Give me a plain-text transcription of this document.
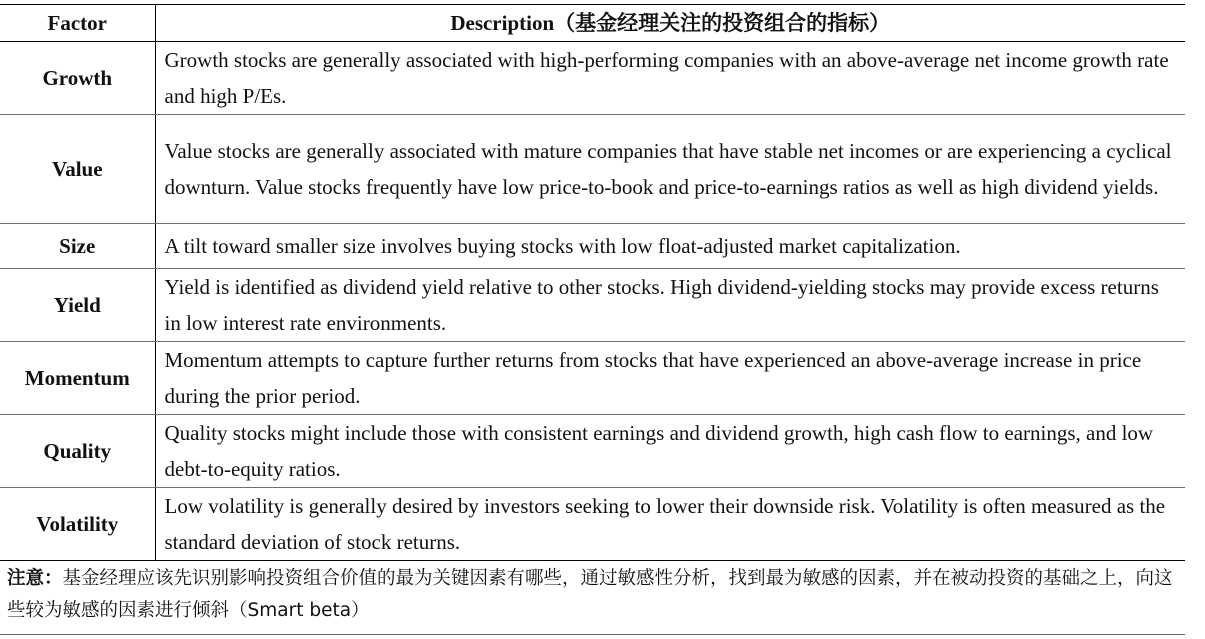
Factor	Description（基金经理关注的投资组合的指标）
Growth	Growth stocks are generally associated with high-performing companies with an above-average net income growth rate and high P/Es.
Value	Value stocks are generally associated with mature companies that have stable net incomes or are experiencing a cyclical downturn. Value stocks frequently have low price-to-book and price-to-earnings ratios as well as high dividend yields.
Size	A tilt toward smaller size involves buying stocks with low float-adjusted market capitalization.
Yield	Yield is identified as dividend yield relative to other stocks. High dividend-yielding stocks may provide excess returns in low interest rate environments.
Momentum	Momentum attempts to capture further returns from stocks that have experienced an above-average increase in price during the prior period.
Quality	Quality stocks might include those with consistent earnings and dividend growth, high cash flow to earnings, and low debt-to-equity ratios.
Volatility	Low volatility is generally desired by investors seeking to lower their downside risk. Volatility is often measured as the standard deviation of stock returns.
注意：基金经理应该先识别影响投资组合价值的最为关键因素有哪些，通过敏感性分析，找到最为敏感的因素，并在被动投资的基础之上，向这些较为敏感的因素进行倾斜（Smart beta）
